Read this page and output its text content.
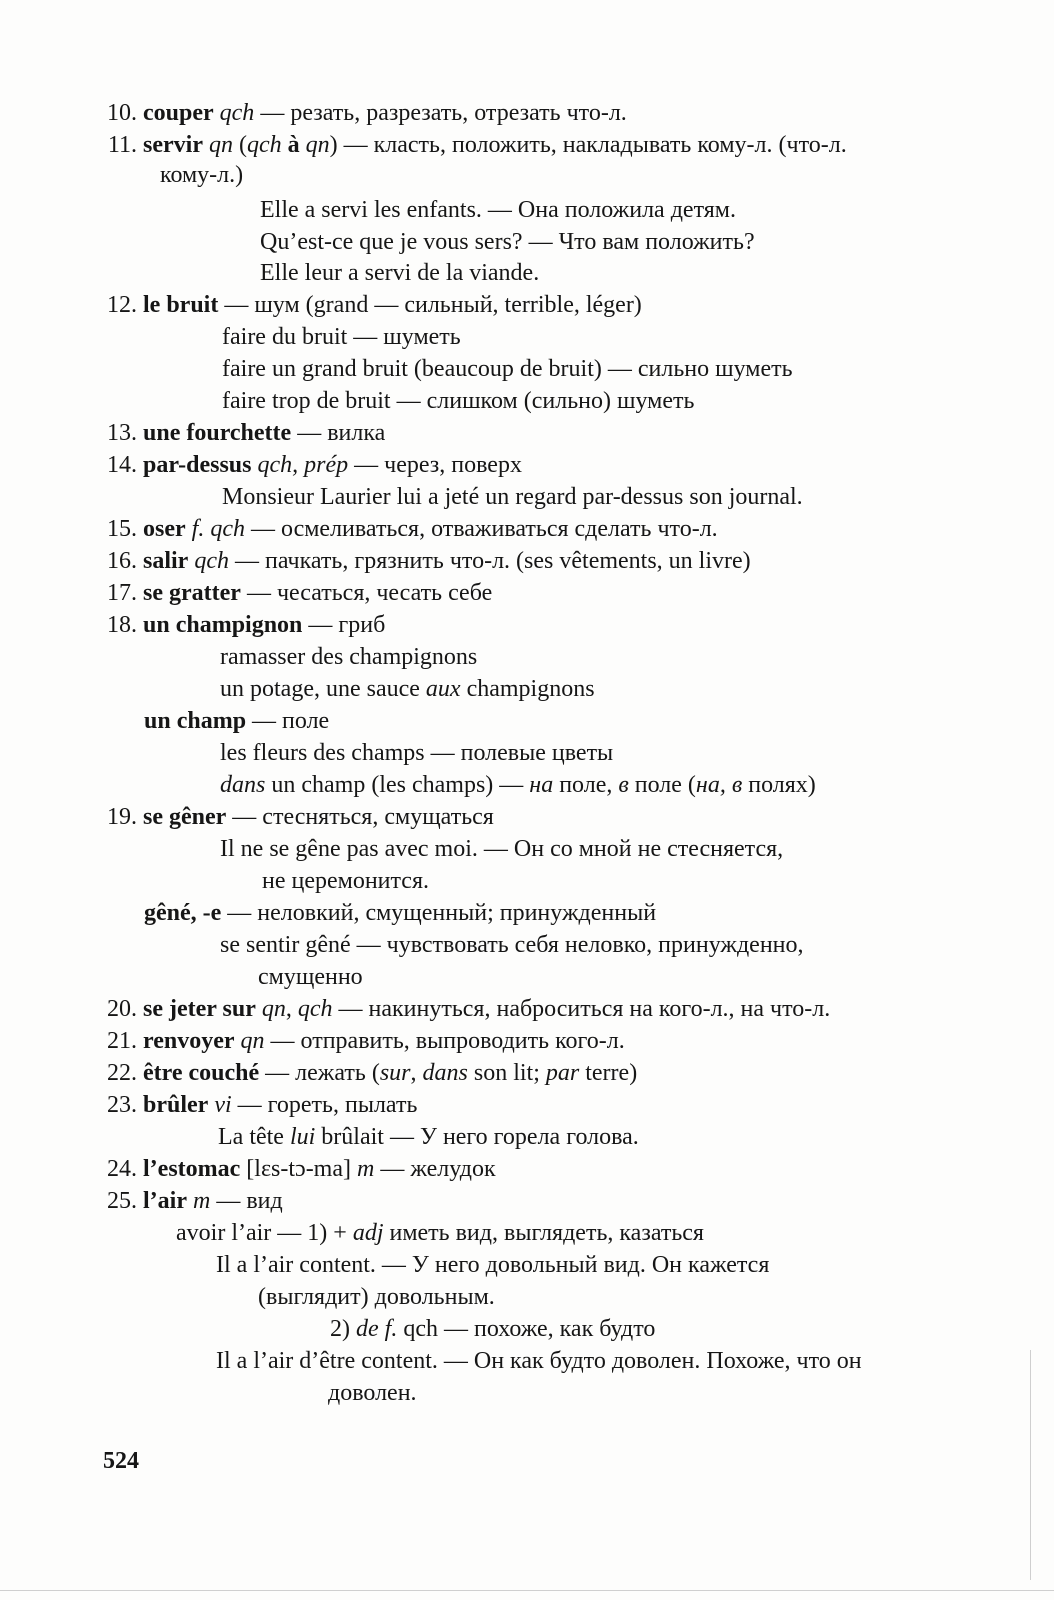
10. couper qch — резать, разрезать, отрезать что-л.
11. servir qn (qch à qn) — класть, положить, накладывать кому-л. (что-л.
кому-л.)
Elle a servi les enfants. — Она положила детям.
Qu’est-ce que je vous sers? — Что вам положить?
Elle leur a servi de la viande.
12. le bruit — шум (grand — сильный, terrible, léger)
faire du bruit — шуметь
faire un grand bruit (beaucoup de bruit) — сильно шуметь
faire trop de bruit — слишком (сильно) шуметь
13. une fourchette — вилка
14. par-dessus qch, prép — через, поверх
Monsieur Laurier lui a jeté un regard par-dessus son journal.
15. oser f. qch — осмеливаться, отваживаться сделать что-л.
16. salir qch — пачкать, грязнить что-л. (ses vêtements, un livre)
17. se gratter — чесаться, чесать себе
18. un champignon — гриб
ramasser des champignons
un potage, une sauce aux champignons
un champ — поле
les fleurs des champs — полевые цветы
dans un champ (les champs) — на поле, в поле (на, в полях)
19. se gêner — стесняться, смущаться
Il ne se gêne pas avec moi. — Он со мной не стесняется,
не церемонится.
gêné, -e — неловкий, смущенный; принужденный
se sentir gêné — чувствовать себя неловко, принужденно,
смущенно
20. se jeter sur qn, qch — накинуться, наброситься на кого-л., на что-л.
21. renvoyer qn — отправить, выпроводить кого-л.
22. être couché — лежать (sur, dans son lit; par terre)
23. brûler vi — гореть, пылать
La tête lui brûlait — У него горела голова.
24. l’estomac [lɛs-tɔ-ma] m — желудок
25. l’air m — вид
avoir l’air — 1) + adj иметь вид, выглядеть, казаться
Il a l’air content. — У него довольный вид. Он кажется
(выглядит) довольным.
2) de f. qch — похоже, как будто
Il a l’air d’être content. — Он как будто доволен. Похоже, что он
доволен.
524
